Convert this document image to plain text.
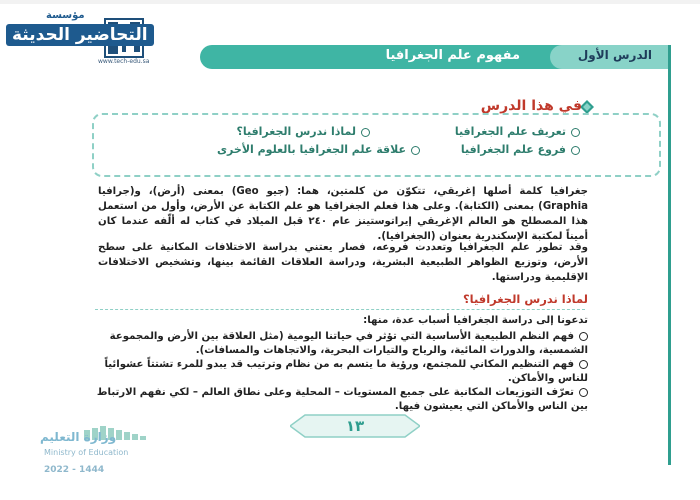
مؤسسة
التحاضير الحديثة
www.tech-edu.sa	الدرس الأول
مفهوم علم الجغرافيا
في هذا الدرس
تعريف علم الجغرافيا
لماذا ندرس الجغرافيا؟
فروع علم الجغرافيا
علاقة علم الجغرافيا بالعلوم الأخرى
جغرافيا كلمة أصلها إغريقي، تتكوّن من كلمتين، هما: (جيو Geo) بمعنى (أرض)، و(جرافيا Graphia) بمعنى (الكتابة). وعلى هذا فعلم الجغرافيا هو علم الكتابة عن الأرض، وأول من استعمل هذا المصطلح هو العالم الإغريقي إيراتوستينز عام ٢٤٠ قبل الميلاد في كتاب له ألّفه عندما كان أميناً لمكتبة الإسكندرية بعنوان (الجغرافيا).
وقد تطور علم الجغرافيا وتعددت فروعه، فصار يعتني بدراسة الاختلافات المكانية على سطح الأرض، وتوزيع الظواهر الطبيعية البشرية، ودراسة العلاقات القائمة بينها، وتشخيص الاختلافات الإقليمية ودراستها.
لماذا ندرس الجغرافيا؟
تدعونا إلى دراسة الجغرافيا أسباب عدة، منها:
فهم النظم الطبيعية الأساسية التي تؤثر في حياتنا اليومية (مثل العلاقة بين الأرض والمجموعة الشمسية، والدورات المائية، والرياح والتيارات البحرية، والاتجاهات والمسافات).
فهم التنظيم المكاني للمجتمع، ورؤية ما يتسم به من نظام وترتيب قد يبدو للمرء تشتتاً عشوائياً للناس والأماكن.
تعرّف التوزيعات المكانية على جميع المستويات – المحلية وعلى نطاق العالم – لكي نفهم الارتباط بين الناس والأماكن التي يعيشون فيها.
١٣
وزارة التعليم
Ministry of Education
2022 - 1444
